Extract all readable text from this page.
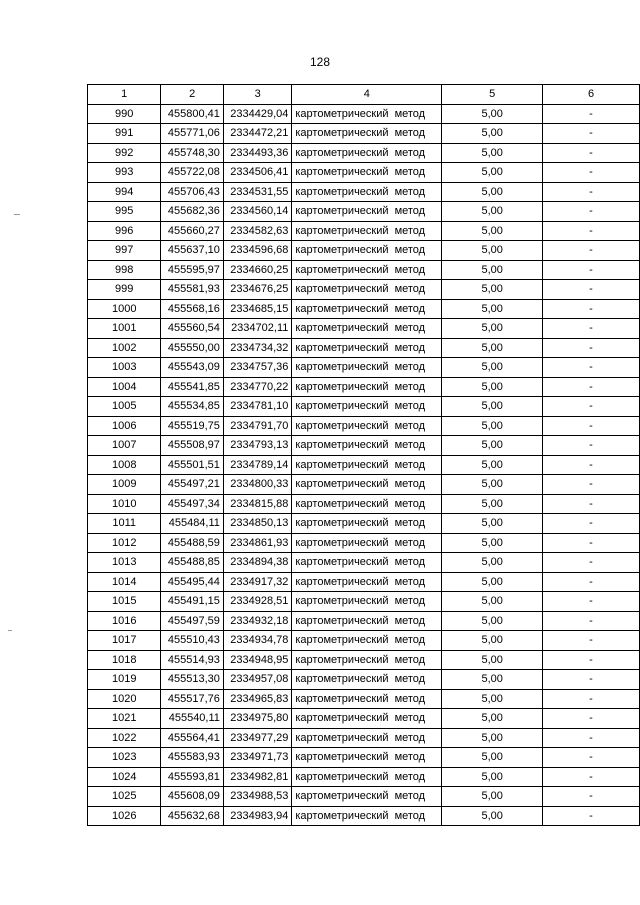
128
1	2	3	4	5	6
990	455800,41	2334429,04	картометрический метод	5,00	-
991	455771,06	2334472,21	картометрический метод	5,00	-
992	455748,30	2334493,36	картометрический метод	5,00	-
993	455722,08	2334506,41	картометрический метод	5,00	-
994	455706,43	2334531,55	картометрический метод	5,00	-
995	455682,36	2334560,14	картометрический метод	5,00	-
996	455660,27	2334582,63	картометрический метод	5,00	-
997	455637,10	2334596,68	картометрический метод	5,00	-
998	455595,97	2334660,25	картометрический метод	5,00	-
999	455581,93	2334676,25	картометрический метод	5,00	-
1000	455568,16	2334685,15	картометрический метод	5,00	-
1001	455560,54	2334702,11	картометрический метод	5,00	-
1002	455550,00	2334734,32	картометрический метод	5,00	-
1003	455543,09	2334757,36	картометрический метод	5,00	-
1004	455541,85	2334770,22	картометрический метод	5,00	-
1005	455534,85	2334781,10	картометрический метод	5,00	-
1006	455519,75	2334791,70	картометрический метод	5,00	-
1007	455508,97	2334793,13	картометрический метод	5,00	-
1008	455501,51	2334789,14	картометрический метод	5,00	-
1009	455497,21	2334800,33	картометрический метод	5,00	-
1010	455497,34	2334815,88	картометрический метод	5,00	-
1011	455484,11	2334850,13	картометрический метод	5,00	-
1012	455488,59	2334861,93	картометрический метод	5,00	-
1013	455488,85	2334894,38	картометрический метод	5,00	-
1014	455495,44	2334917,32	картометрический метод	5,00	-
1015	455491,15	2334928,51	картометрический метод	5,00	-
1016	455497,59	2334932,18	картометрический метод	5,00	-
1017	455510,43	2334934,78	картометрический метод	5,00	-
1018	455514,93	2334948,95	картометрический метод	5,00	-
1019	455513,30	2334957,08	картометрический метод	5,00	-
1020	455517,76	2334965,83	картометрический метод	5,00	-
1021	455540,11	2334975,80	картометрический метод	5,00	-
1022	455564,41	2334977,29	картометрический метод	5,00	-
1023	455583,93	2334971,73	картометрический метод	5,00	-
1024	455593,81	2334982,81	картометрический метод	5,00	-
1025	455608,09	2334988,53	картометрический метод	5,00	-
1026	455632,68	2334983,94	картометрический метод	5,00	-
